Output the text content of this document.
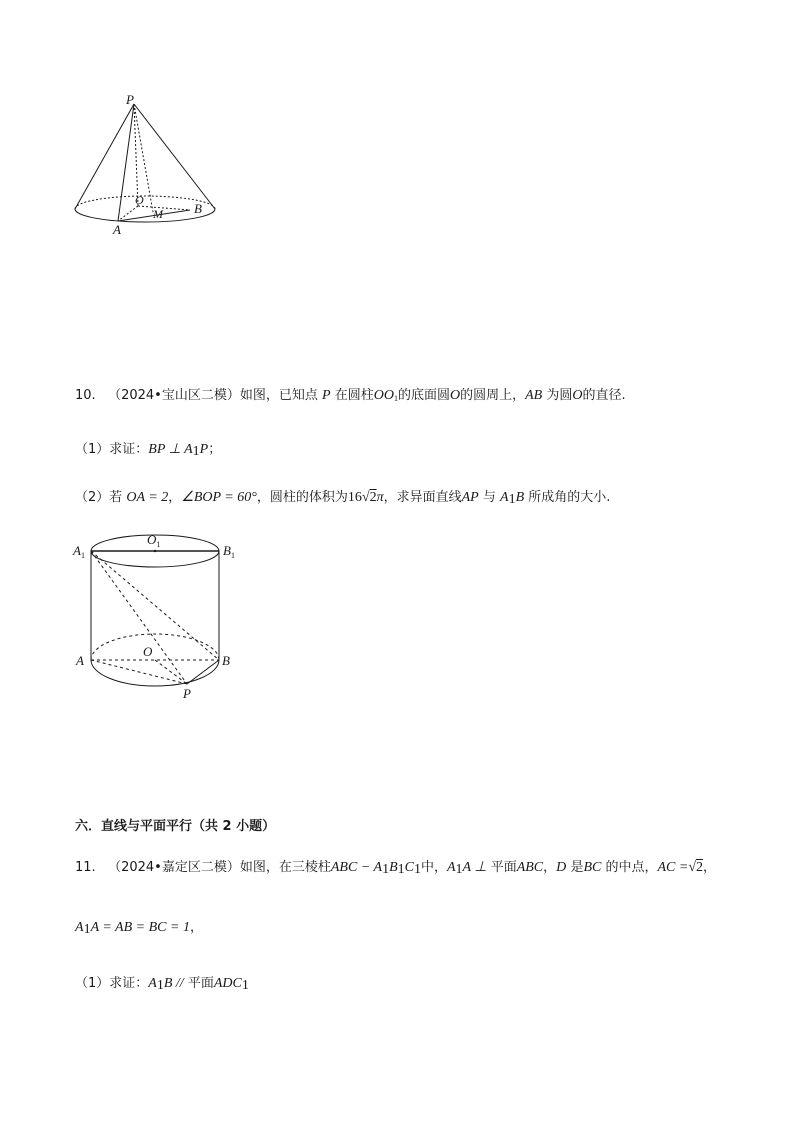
P
O
M B
A
10. （2024•宝山区二模）如图，已知点 P 在圆柱$OO_1$的底面圆O的圆周上，AB 为圆O的直径.
（1）求证：BP ⊥ $A_1P$；
（2）若 OA = 2，∠BOP = 60°，圆柱的体积为16√2π，求异面直线AP 与 $A_1B$ 所成角的大小.
$A_1$
$O_1$	$B_1$
A
O
B
P
六．直线与平面平行（共 2 小题）
11. （2024•嘉定区二模）如图，在三棱柱ABC − $A_1B_1C_1$中，$A_1A$ ⊥ 平面ABC，D 是BC 的中点，AC =√2，
$A_1A$ = AB = BC = 1，
（1）求证：$A_1B$ // 平面$ADC_1$
